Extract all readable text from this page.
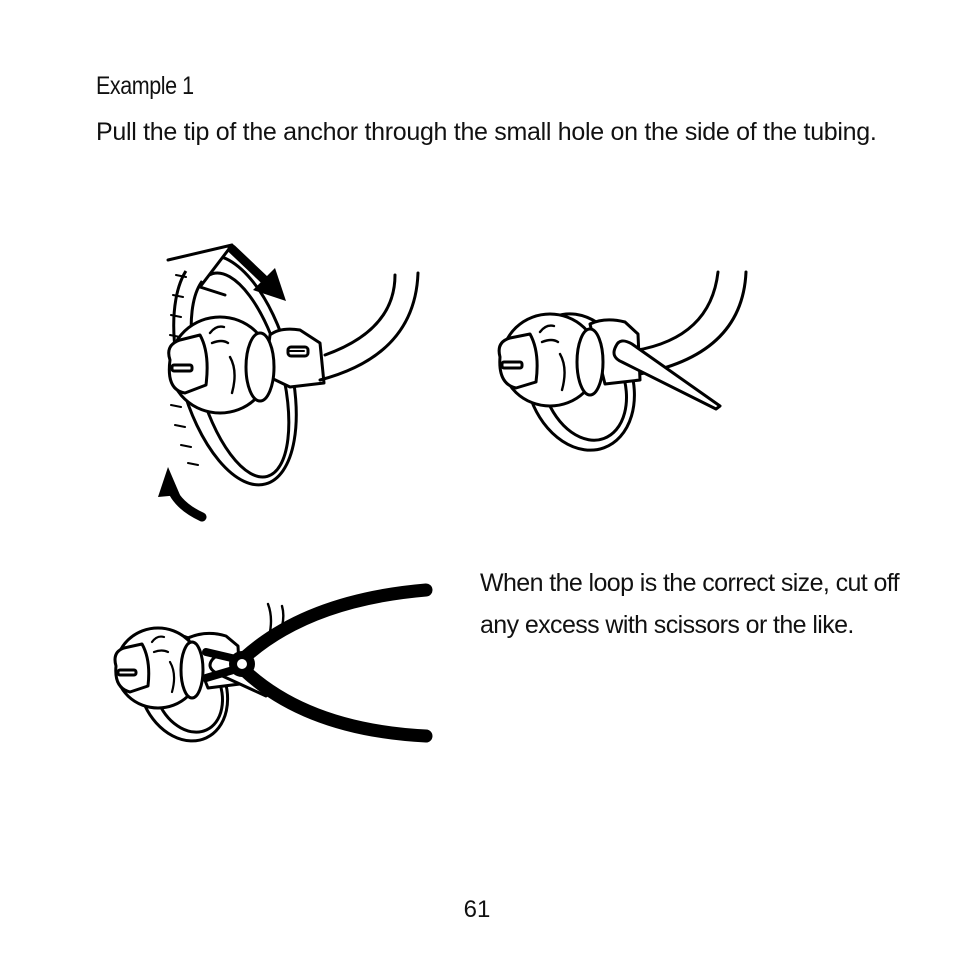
Example 1
Pull the tip of the anchor through the small hole on the side of the tubing.
When the loop is the correct size, cut off any excess with scissors or the like.
61
